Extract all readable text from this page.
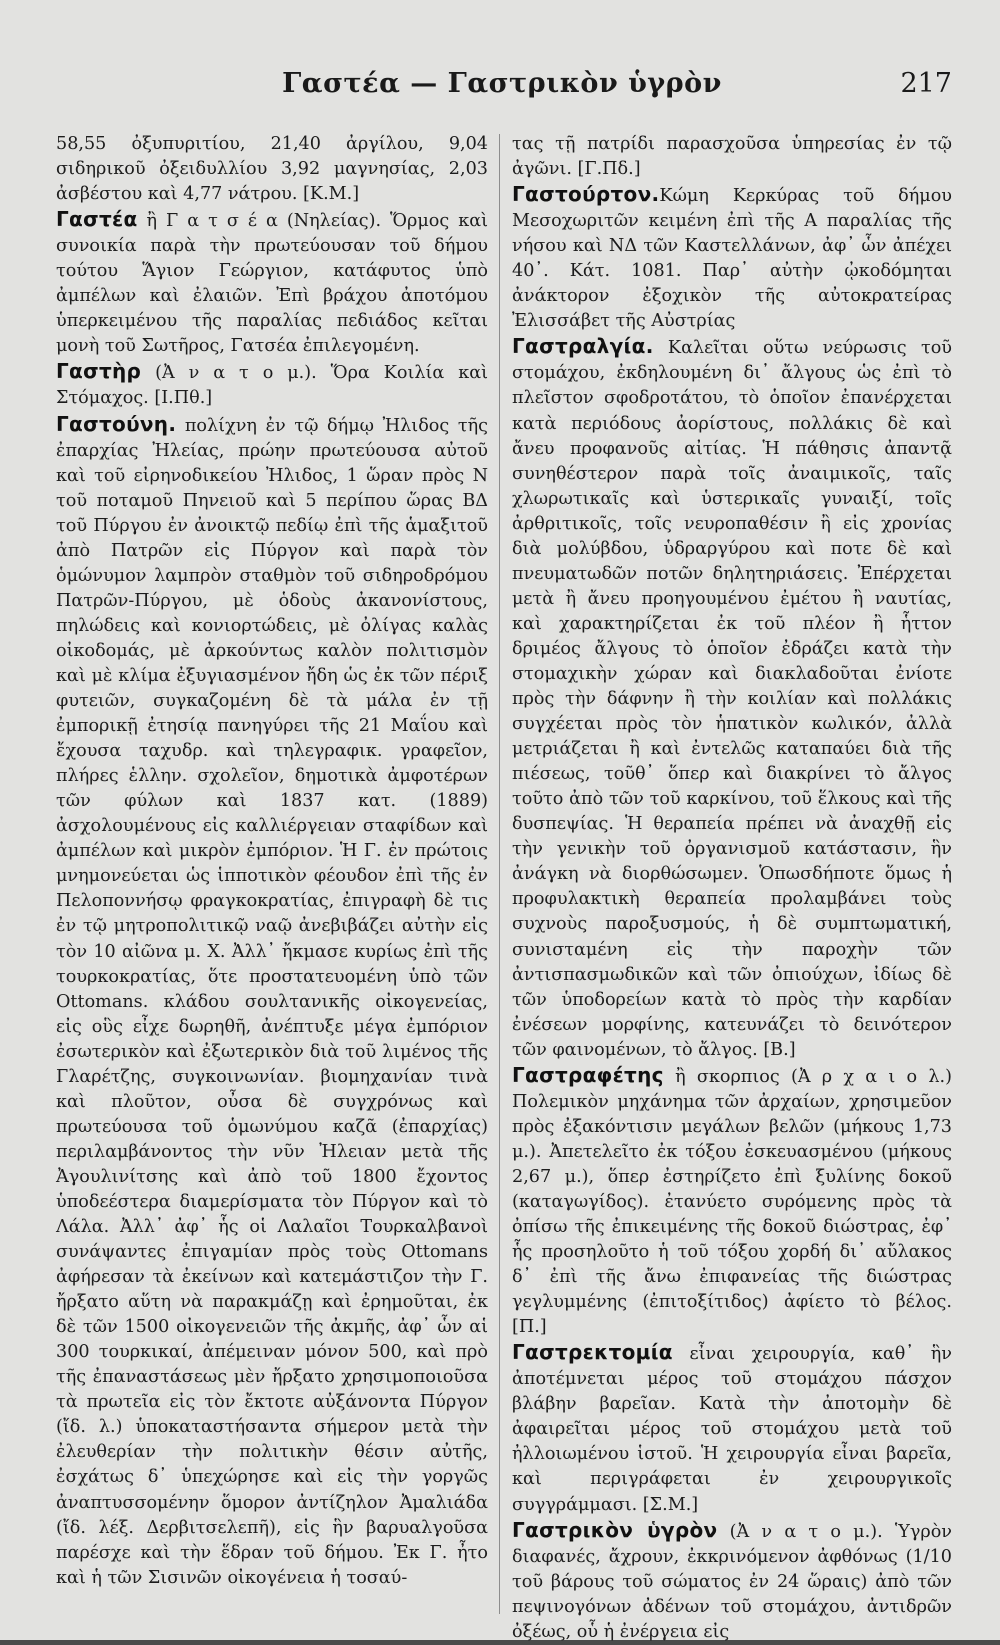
Γαστέα — Γαστρικὸν ὑγρὸν	217

58,55 ὀξυπυριτίου, 21,40 ἀργίλου, 9,04 σιδηρικοῦ ὀξειδυλλίου 3,92 μαγνησίας, 2,03 ἀσβέστου καὶ 4,77 νάτρου. [Κ.Μ.]

Γαστέα ἢ Γ α τ σ έ α (Νηλείας). Ὅρμος καὶ συνοικία παρὰ τὴν πρωτεύουσαν τοῦ δήμου τούτου Ἅγιον Γεώργιον, κατάφυτος ὑπὸ ἀμπέλων καὶ ἐλαιῶν. Ἐπὶ βράχου ἀποτόμου ὑπερκειμένου τῆς παραλίας πεδιάδος κεῖται μονὴ τοῦ Σωτῆρος, Γατσέα ἐπιλεγομένη.

Γαστὴρ (Ἀ ν α τ ο μ.). Ὅρα Κοιλία καὶ Στόμαχος. [Ι.Πθ.]

Γαστούνη. πολίχνη ἐν τῷ δήμῳ Ἠλιδος τῆς ἐπαρχίας Ἠλείας, πρώην πρωτεύουσα αὐτοῦ καὶ τοῦ εἰρηνοδικείου Ἠλιδος, 1 ὥραν πρὸς Ν τοῦ ποταμοῦ Πηνειοῦ καὶ 5 περίπου ὥρας ΒΔ τοῦ Πύργου ἐν ἀνοικτῷ πεδίῳ ἐπὶ τῆς ἁμαξιτοῦ ἀπὸ Πατρῶν εἰς Πύργον καὶ παρὰ τὸν ὁμώνυμον λαμπρὸν σταθμὸν τοῦ σιδηροδρόμου Πατρῶν-Πύργου, μὲ ὁδοὺς ἀκανονίστους, πηλώδεις καὶ κονιορτώδεις, μὲ ὀλίγας καλὰς οἰκοδομάς, μὲ ἀρκούντως καλὸν πολιτισμὸν καὶ μὲ κλίμα ἐξυγιασμένον ἤδη ὡς ἐκ τῶν πέριξ φυτειῶν, συγκαζομένη δὲ τὰ μάλα ἐν τῇ ἐμπορικῇ ἐτησίᾳ πανηγύρει τῆς 21 Μαΐου καὶ ἔχουσα ταχυδρ. καὶ τηλεγραφικ. γραφεῖον, πλήρες ἑλλην. σχολεῖον, δημοτικὰ ἀμφοτέρων τῶν φύλων καὶ 1837 κατ. (1889) ἀσχολουμένους εἰς καλλιέργειαν σταφίδων καὶ ἀμπέλων καὶ μικρὸν ἐμπόριον. Ἡ Γ. ἐν πρώτοις μνημονεύεται ὡς ἱπποτικὸν φέουδον ἐπὶ τῆς ἐν Πελοποννήσῳ φραγκοκρατίας, ἐπιγραφὴ δὲ τις ἐν τῷ μητροπολιτικῷ ναῷ ἀνεβιβάζει αὐτὴν εἰς τὸν 10 αἰῶνα μ. Χ. Ἀλλ᾽ ἤκμασε κυρίως ἐπὶ τῆς τουρκοκρατίας, ὅτε προστατευομένη ὑπὸ τῶν Ottomans. κλάδου σουλτανικῆς οἰκογενείας, εἰς οὓς εἶχε δωρηθῆ, ἀνέπτυξε μέγα ἐμπόριον ἐσωτερικὸν καὶ ἐξωτερικὸν διὰ τοῦ λιμένος τῆς Γλαρέτζης, συγκοινωνίαν. βιομηχανίαν τινὰ καὶ πλοῦτον, οὖσα δὲ συγχρόνως καὶ πρωτεύουσα τοῦ ὁμωνύμου καζᾶ (ἐπαρχίας) περιλαμβάνοντος τὴν νῦν Ἠλειαν μετὰ τῆς Ἀγουλινίτσης καὶ ἀπὸ τοῦ 1800 ἔχοντος ὑποδεέστερα διαμερίσματα τὸν Πύργον καὶ τὸ Λάλα. Ἀλλ᾽ ἀφ᾽ ἧς οἱ Λαλαῖοι Τουρκαλβανοὶ συνάψαντες ἐπιγαμίαν πρὸς τοὺς Ottomans ἀφήρεσαν τὰ ἐκείνων καὶ κατεμάστιζον τὴν Γ. ἤρξατο αὕτη νὰ παρακμάζῃ καὶ ἐρημοῦται, ἐκ δὲ τῶν 1500 οἰκογενειῶν τῆς ἀκμῆς, ἀφ᾽ ὧν αἱ 300 τουρκικαί, ἀπέμειναν μόνον 500, καὶ πρὸ τῆς ἐπαναστάσεως μὲν ἤρξατο χρησιμοποιοῦσα τὰ πρωτεῖα εἰς τὸν ἔκτοτε αὐξάνοντα Πύργον (ἴδ. λ.) ὑποκαταστήσαντα σήμερον μετὰ τὴν ἐλευθερίαν τὴν πολιτικὴν θέσιν αὐτῆς, ἐσχάτως δ᾽ ὑπεχώρησε καὶ εἰς τὴν γοργῶς ἀναπτυσσομένην ὅμορον ἀντίζηλον Ἀμαλιάδα (ἴδ. λέξ. Δερβιτσελεπῆ), εἰς ἣν βαρυαλγοῦσα παρέσχε καὶ τὴν ἕδραν τοῦ δήμου. Ἐκ Γ. ἦτο καὶ ἡ τῶν Σισινῶν οἰκογένεια ἡ τοσαύ-

τας τῇ πατρίδι παρασχοῦσα ὑπηρεσίας ἐν τῷ ἀγῶνι. [Γ.Πδ.]

Γαστούρτον.Κώμη Κερκύρας τοῦ δήμου Μεσοχωριτῶν κειμένη ἐπὶ τῆς Α παραλίας τῆς νήσου καὶ ΝΔ τῶν Καστελλάνων, ἀφ᾽ ὧν ἀπέχει 40᾽. Κάτ. 1081. Παρ᾽ αὐτὴν ᾠκοδόμηται ἀνάκτορον ἐξοχικὸν τῆς αὐτοκρατείρας Ἐλισσάβετ τῆς Αὐστρίας

Γαστραλγία. Καλεῖται οὕτω νεύρωσις τοῦ στομάχου, ἐκδηλουμένη δι᾽ ἄλγους ὡς ἐπὶ τὸ πλεῖστον σφοδροτάτου, τὸ ὁποῖον ἐπανέρχεται κατὰ περιόδους ἀορίστους, πολλάκις δὲ καὶ ἄνευ προφανοῦς αἰτίας. Ἡ πάθησις ἀπαντᾷ συνηθέστερον παρὰ τοῖς ἀναιμικοῖς, ταῖς χλωρωτικαῖς καὶ ὑστερικαῖς γυναιξί, τοῖς ἀρθριτικοῖς, τοῖς νευροπαθέσιν ἢ εἰς χρονίας διὰ μολύβδου, ὑδραργύρου καὶ ποτε δὲ καὶ πνευματωδῶν ποτῶν δηλητηριάσεις. Ἐπέρχεται μετὰ ἢ ἄνευ προηγουμένου ἐμέτου ἢ ναυτίας, καὶ χαρακτηρίζεται ἐκ τοῦ πλέον ἢ ἧττον δριμέος ἄλγους τὸ ὁποῖον ἐδράζει κατὰ τὴν στομαχικὴν χώραν καὶ διακλαδοῦται ἐνίοτε πρὸς τὴν δάφνην ἢ τὴν κοιλίαν καὶ πολλάκις συγχέεται πρὸς τὸν ἡπατικὸν κωλικόν, ἀλλὰ μετριάζεται ἢ καὶ ἐντελῶς καταπαύει διὰ τῆς πιέσεως, τοῦθ᾽ ὅπερ καὶ διακρίνει τὸ ἄλγος τοῦτο ἀπὸ τῶν τοῦ καρκίνου, τοῦ ἕλκους καὶ τῆς δυσπεψίας. Ἡ θεραπεία πρέπει νὰ ἀναχθῇ εἰς τὴν γενικὴν τοῦ ὀργανισμοῦ κατάστασιν, ἣν ἀνάγκη νὰ διορθώσωμεν. Ὁπωσδήποτε ὅμως ἡ προφυλακτικὴ θεραπεία προλαμβάνει τοὺς συχνοὺς παροξυσμούς, ἡ δὲ συμπτωματική, συνισταμένη εἰς τὴν παροχὴν τῶν ἀντισπασμωδικῶν καὶ τῶν ὀπιούχων, ἰδίως δὲ τῶν ὑποδορείων κατὰ τὸ πρὸς τὴν καρδίαν ἐνέσεων μορφίνης, κατευνάζει τὸ δεινότερον τῶν φαινομένων, τὸ ἄλγος. [Β.]

Γαστραφέτης ἢ σκορπιος (Ἀ ρ χ α ι ο λ.) Πολεμικὸν μηχάνημα τῶν ἀρχαίων, χρησιμεῦον πρὸς ἐξακόντισιν μεγάλων βελῶν (μήκους 1,73 μ.). Ἀπετελεῖτο ἐκ τόξου ἐσκευασμένου (μήκους 2,67 μ.), ὅπερ ἐστηρίζετο ἐπὶ ξυλίνης δοκοῦ (καταγωγίδος). ἐτανύετο συρόμενης πρὸς τὰ ὀπίσω τῆς ἐπικειμένης τῆς δοκοῦ διώστρας, ἐφ᾽ ἧς προσηλοῦτο ἡ τοῦ τόξου χορδή δι᾽ αὔλακος δ᾽ ἐπὶ τῆς ἄνω ἐπιφανείας τῆς διώστρας γεγλυμμένης (ἐπιτοξίτιδος) ἀφίετο τὸ βέλος. [Π.]

Γαστρεκτομία εἶναι χειρουργία, καθ᾽ ἣν ἀποτέμνεται μέρος τοῦ στομάχου πάσχον βλάβην βαρεῖαν. Κατὰ τὴν ἀποτομὴν δὲ ἀφαιρεῖται μέρος τοῦ στομάχου μετὰ τοῦ ἠλλοιωμένου ἱστοῦ. Ἡ χειρουργία εἶναι βαρεῖα, καὶ περιγράφεται ἐν χειρουργικοῖς συγγράμμασι. [Σ.Μ.]

Γαστρικὸν ὑγρὸν (Ἀ ν α τ ο μ.). Ὑγρὸν διαφανές, ἄχρουν, ἐκκρινόμενον ἀφθόνως (1/10 τοῦ βάρους τοῦ σώματος ἐν 24 ὥραις) ἀπὸ τῶν πεψινογόνων ἀδένων τοῦ στομάχου, ἀντιδρῶν ὀξέως, οὗ ἡ ἐνέργεια εἰς
